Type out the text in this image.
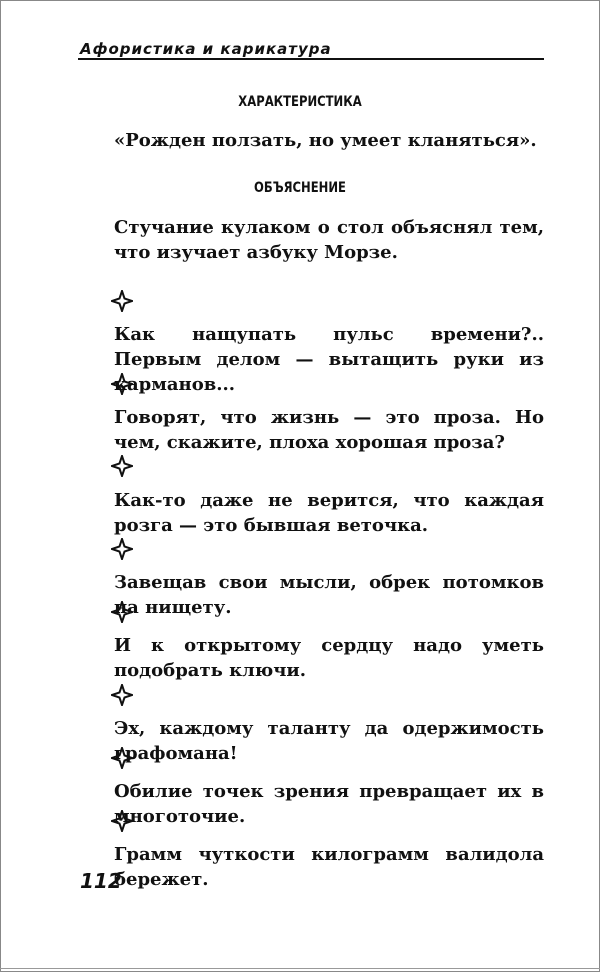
Афористика и карикатура
ХАРАКТЕРИСТИКА
«Рожден ползать, но умеет кланяться».
ОБЪЯСНЕНИЕ
Стучание кулаком о стол объяснял тем, что изучает азбуку Морзе.
Как нащупать пульс времени?.. Первым делом — вытащить руки из карманов...
Говорят, что жизнь — это проза. Но чем, скажите, плоха хорошая проза?
Как-то даже не верится, что каждая розга — это бывшая веточка.
Завещав свои мысли, обрек потомков на нищету.
И к открытому сердцу надо уметь подобрать ключи.
Эх, каждому таланту да одержимость графомана!
Обилие точек зрения превращает их в многоточие.
Грамм чуткости килограмм валидола бережет.
112
